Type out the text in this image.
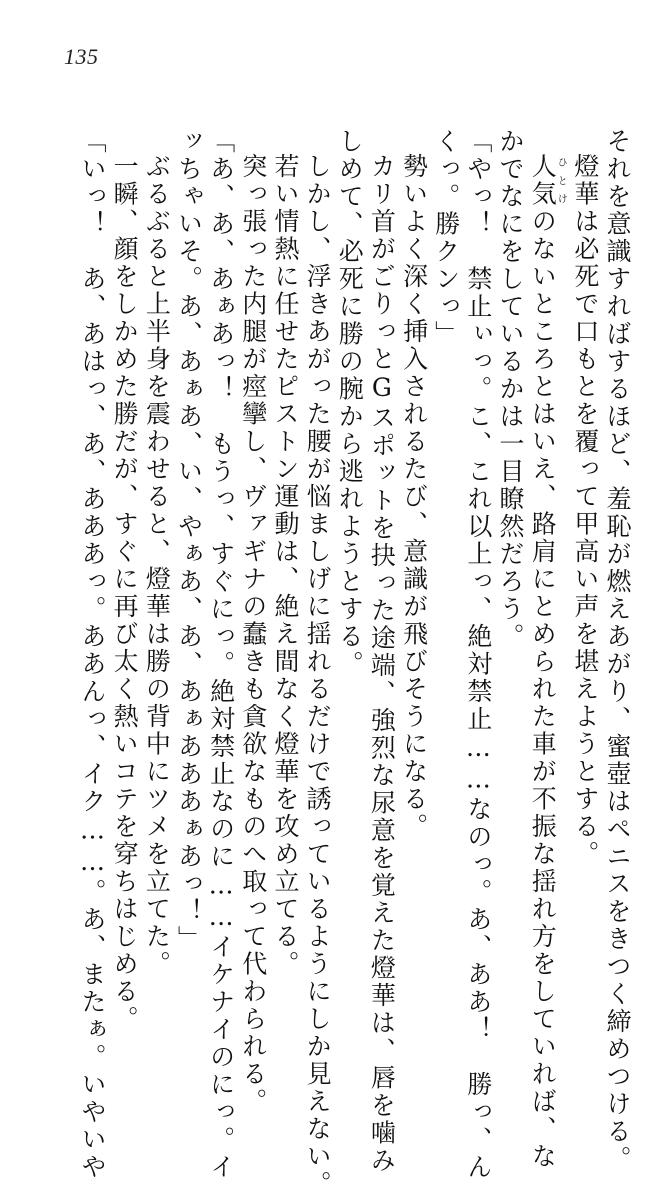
135
それを意識すればするほど、羞恥が燃えあがり、蜜壺はペニスをきつく締めつける。
燈華は必死で口もとを覆って甲高い声を堪えようとする。
人気ひとけのないところとはいえ、路肩にとめられた車が不振な揺れ方をしていれば、な
かでなにをしているかは一目瞭然だろう。
「やっ！　禁止ぃっ。こ、これ以上っ、絶対禁止……なのっ。あ、ああ！　勝っ、ん
くっ。勝クンっ」
勢いよく深く挿入されるたび、意識が飛びそうになる。
カリ首がごりっとGスポットを抉った途端、強烈な尿意を覚えた燈華は、唇を噛み
しめて、必死に勝の腕から逃れようとする。
しかし、浮きあがった腰が悩ましげに揺れるだけで誘っているようにしか見えない。
若い情熱に任せたピストン運動は、絶え間なく燈華を攻め立てる。
突っ張った内腿が痙攣し、ヴァギナの蠢きも貪欲なものへ取って代わられる。
「あ、あ、あぁあっ！　もうっ、すぐにっ。絶対禁止なのに……イケナイのにっ。イ
ッちゃいそ。あ、あぁあ、い、やぁあ、あ、あぁあああぁあっ！」
ぶるぶると上半身を震わせると、燈華は勝の背中にツメを立てた。
一瞬、顔をしかめた勝だが、すぐに再び太く熱いコテを穿ちはじめる。
「いっ！　あ、あはっ、あ、あああっ。ああんっ、イク……。あ、またぁ。いやいや
